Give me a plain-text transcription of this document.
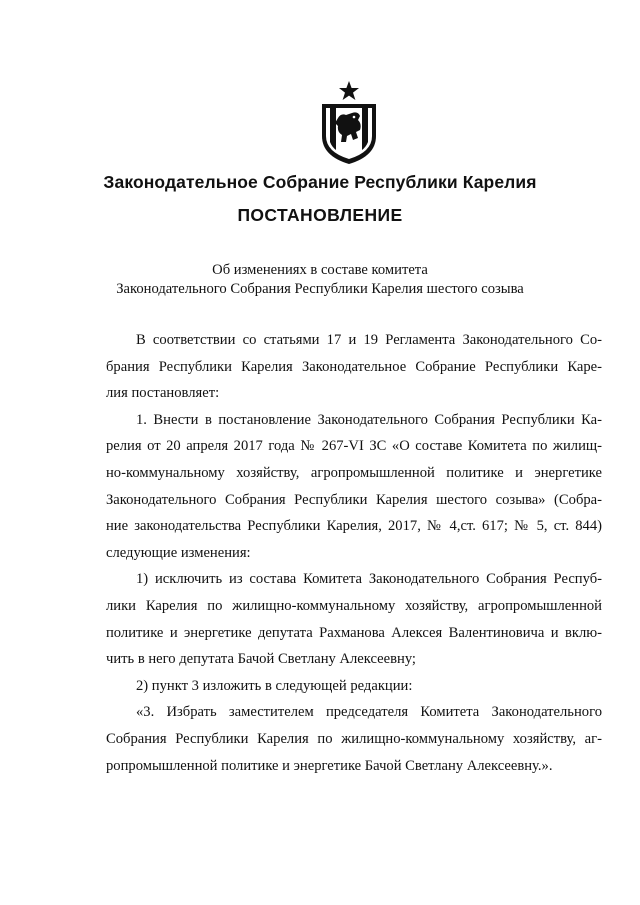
Законодательное Собрание Республики Карелия
ПОСТАНОВЛЕНИЕ
Об изменениях в составе комитета
Законодательного Собрания Республики Карелия шестого созыва

В соответствии со статьями 17 и 19 Регламента Законодательного Со-
брания Республики Карелия Законодательное Собрание Республики Каре-
лия постановляет:

1. Внести в постановление Законодательного Собрания Республики Ка-
релия от 20 апреля 2017 года № 267-VI ЗС «О составе Комитета по жилищ-
но-коммунальному хозяйству, агропромышленной политике и энергетике
Законодательного Собрания Республики Карелия шестого созыва» (Собра-
ние законодательства Республики Карелия, 2017, № 4,ст. 617; № 5, ст. 844)
следующие изменения:

1) исключить из состава Комитета Законодательного Собрания Респуб-
лики Карелия по жилищно-коммунальному хозяйству, агропромышленной
политике и энергетике депутата Рахманова Алексея Валентиновича и вклю-
чить в него депутата Бачой Светлану Алексеевну;

2) пункт 3 изложить в следующей редакции:

«3. Избрать заместителем председателя Комитета Законодательного
Собрания Республики Карелия по жилищно-коммунальному хозяйству, аг-
ропромышленной политике и энергетике Бачой Светлану Алексеевну.».
